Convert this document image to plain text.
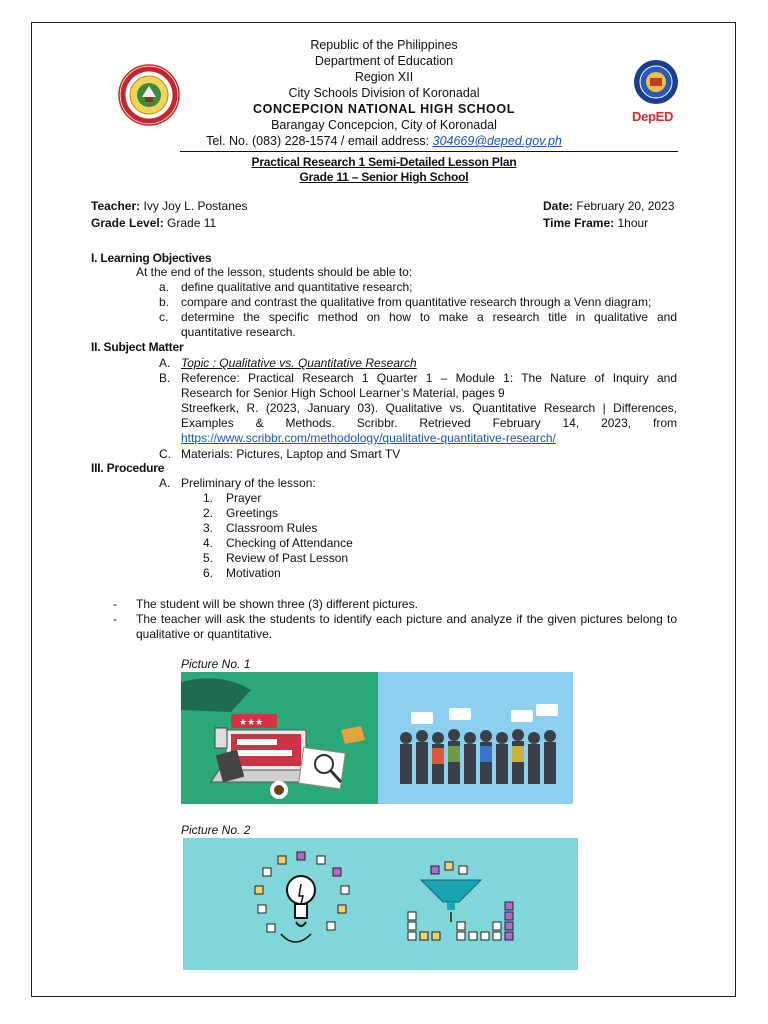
DepED
Republic of the Philippines
Department of Education
Region XII
City Schools Division of Koronadal
CONCEPCION NATIONAL HIGH SCHOOL
Barangay Concepcion, City of Koronadal
Tel. No. (083) 228-1574 / email address: 304669@deped.gov.ph
Practical Research 1 Semi-Detailed Lesson Plan
Grade 11 – Senior High School
Teacher: Ivy Joy L. Postanes
Grade Level: Grade 11
Date: February 20, 2023
Time Frame: 1hour
I. Learning Objectives
At the end of the lesson, students should be able to:
a. define qualitative and quantitative research;
b. compare and contrast the qualitative from quantitative research through a Venn diagram;
c.	determine the specific method on how to make a research title in qualitative and
quantitative research.
II. Subject Matter
A. Topic : Qualitative vs. Quantitative Research
B. Reference: Practical Research 1 Quarter 1 – Module 1: The Nature of Inquiry and
Research for Senior High School Learner’s Material, pages 9
Streefkerk, R. (2023, January 03). Qualitative vs. Quantitative Research | Differences,
Examples & Methods. Scribbr. Retrieved February 14, 2023, from
https://www.scribbr.com/methodology/qualitative-quantitative-research/
C. Materials: Pictures, Laptop and Smart TV
III. Procedure
A. Preliminary of the lesson:
1. Prayer
2. Greetings
3. Classroom Rules
4. Checking of Attendance
5. Review of Past Lesson
6. Motivation
- The student will be shown three (3) different pictures.
- The teacher will ask the students to identify each picture and analyze if the given pictures belong to
qualitative or quantitative.
Picture No. 1
★★★
Picture No. 2
